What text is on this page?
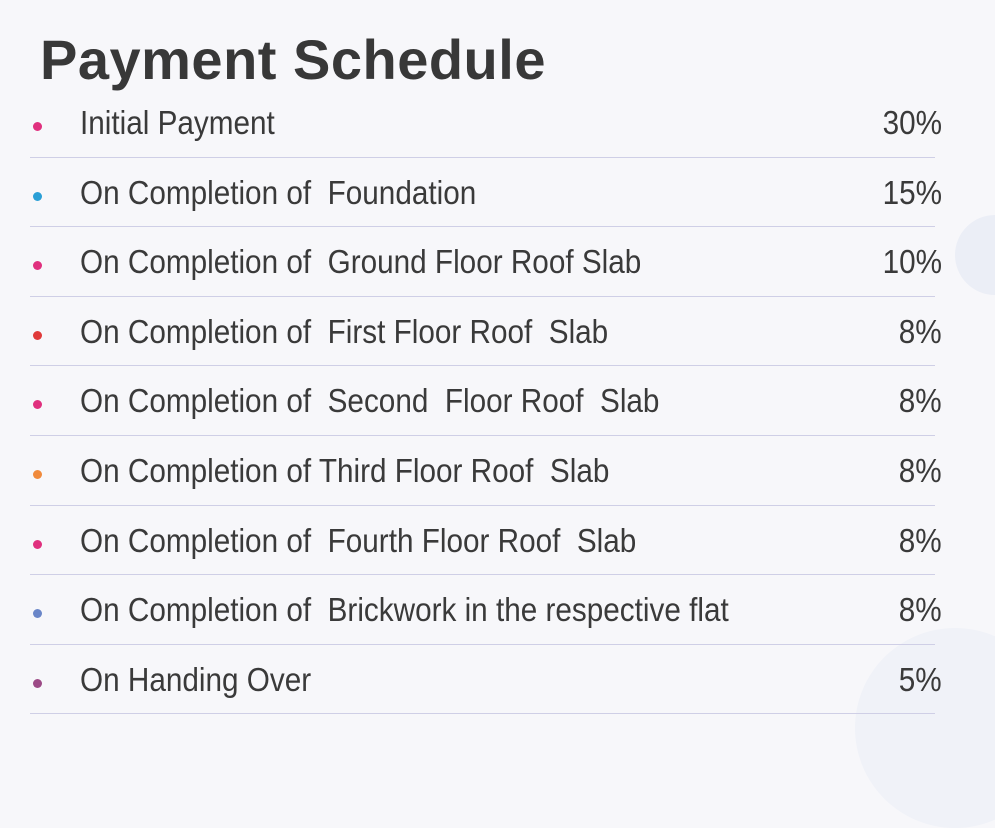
Payment Schedule
Initial Payment	30%
On Completion of  Foundation	15%
On Completion of  Ground Floor Roof Slab	10%
On Completion of  First Floor Roof  Slab	8%
On Completion of  Second  Floor Roof  Slab	8%
On Completion of Third Floor Roof  Slab	8%
On Completion of  Fourth Floor Roof  Slab	8%
On Completion of  Brickwork in the respective flat	8%
On Handing Over	5%
